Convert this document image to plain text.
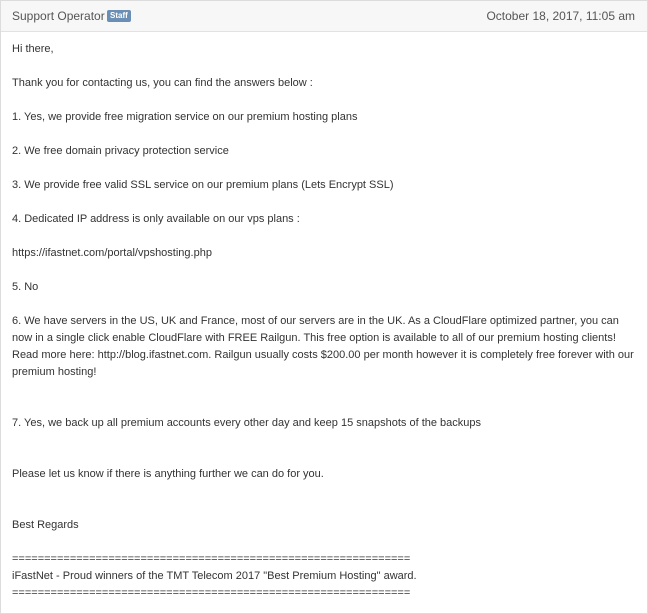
Support Operator Staff	October 18, 2017, 11:05 am
Hi there,
Thank you for contacting us, you can find the answers below :
1. Yes, we provide free migration service on our premium hosting plans
2. We free domain privacy protection service
3. We provide free valid SSL service on our premium plans (Lets Encrypt SSL)
4. Dedicated IP address is only available on our vps plans :
https://ifastnet.com/portal/vpshosting.php
5. No
6. We have servers in the US, UK and France, most of our servers are in the UK. As a CloudFlare optimized partner, you can now in a single click enable CloudFlare with FREE Railgun. This free option is available to all of our premium hosting clients! Read more here: http://blog.ifastnet.com. Railgun usually costs $200.00 per month however it is completely free forever with our premium hosting!
7. Yes, we back up all premium accounts every other day and keep 15 snapshots of the backups
Please let us know if there is anything further we can do for you.
Best Regards
==============================================================
iFastNet - Proud winners of the TMT Telecom 2017 "Best Premium Hosting" award.
==============================================================
